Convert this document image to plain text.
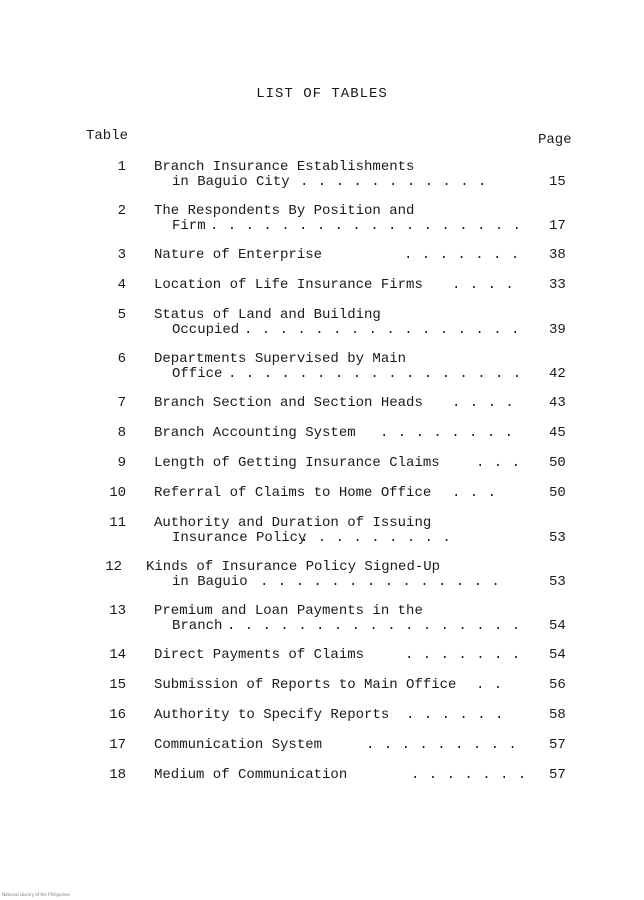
LIST OF TABLES
Table	Page
1 Branch Insurance Establishments
in Baguio City . . . . . . . . . . .	15
2 The Respondents By Position and
Firm . . . . . . . . . . . . . . . . . . 17
3 Nature of Enterprise	. . . . . . . 38
4 Location of Life Insurance Firms . . . . 33
5 Status of Land and Building
Occupied . . . . . . . . . . . . . . . . 39
6 Departments Supervised by Main
Office . . . . . . . . . . . . . . . . . 42
7 Branch Section and Section Heads . . . . 43
8 Branch Accounting System . . . . . . . .	45
9 Length of Getting Insurance Claims	. . . 50
10 Referral of Claims to Home Office . . .	50
11 Authority and Duration of Issuing
Insurance Policy
. . . . . . . . .	53
12 Kinds of Insurance Policy Signed-Up
in Baguio . . . . . . . . . . . . . .	53
13 Premium and Loan Payments in the
Branch . . . . . . . . . . . . . . . . . 54
14 Direct Payments of Claims	. . . . . . . 54
15 Submission of Reports to Main Office . .	56
16 Authority to Specify Reports . . . . . .	58
17 Communication System	. . . . . . . . . 57
18 Medium of Communication	. . . . . . . 57
National Library of the Philippines
